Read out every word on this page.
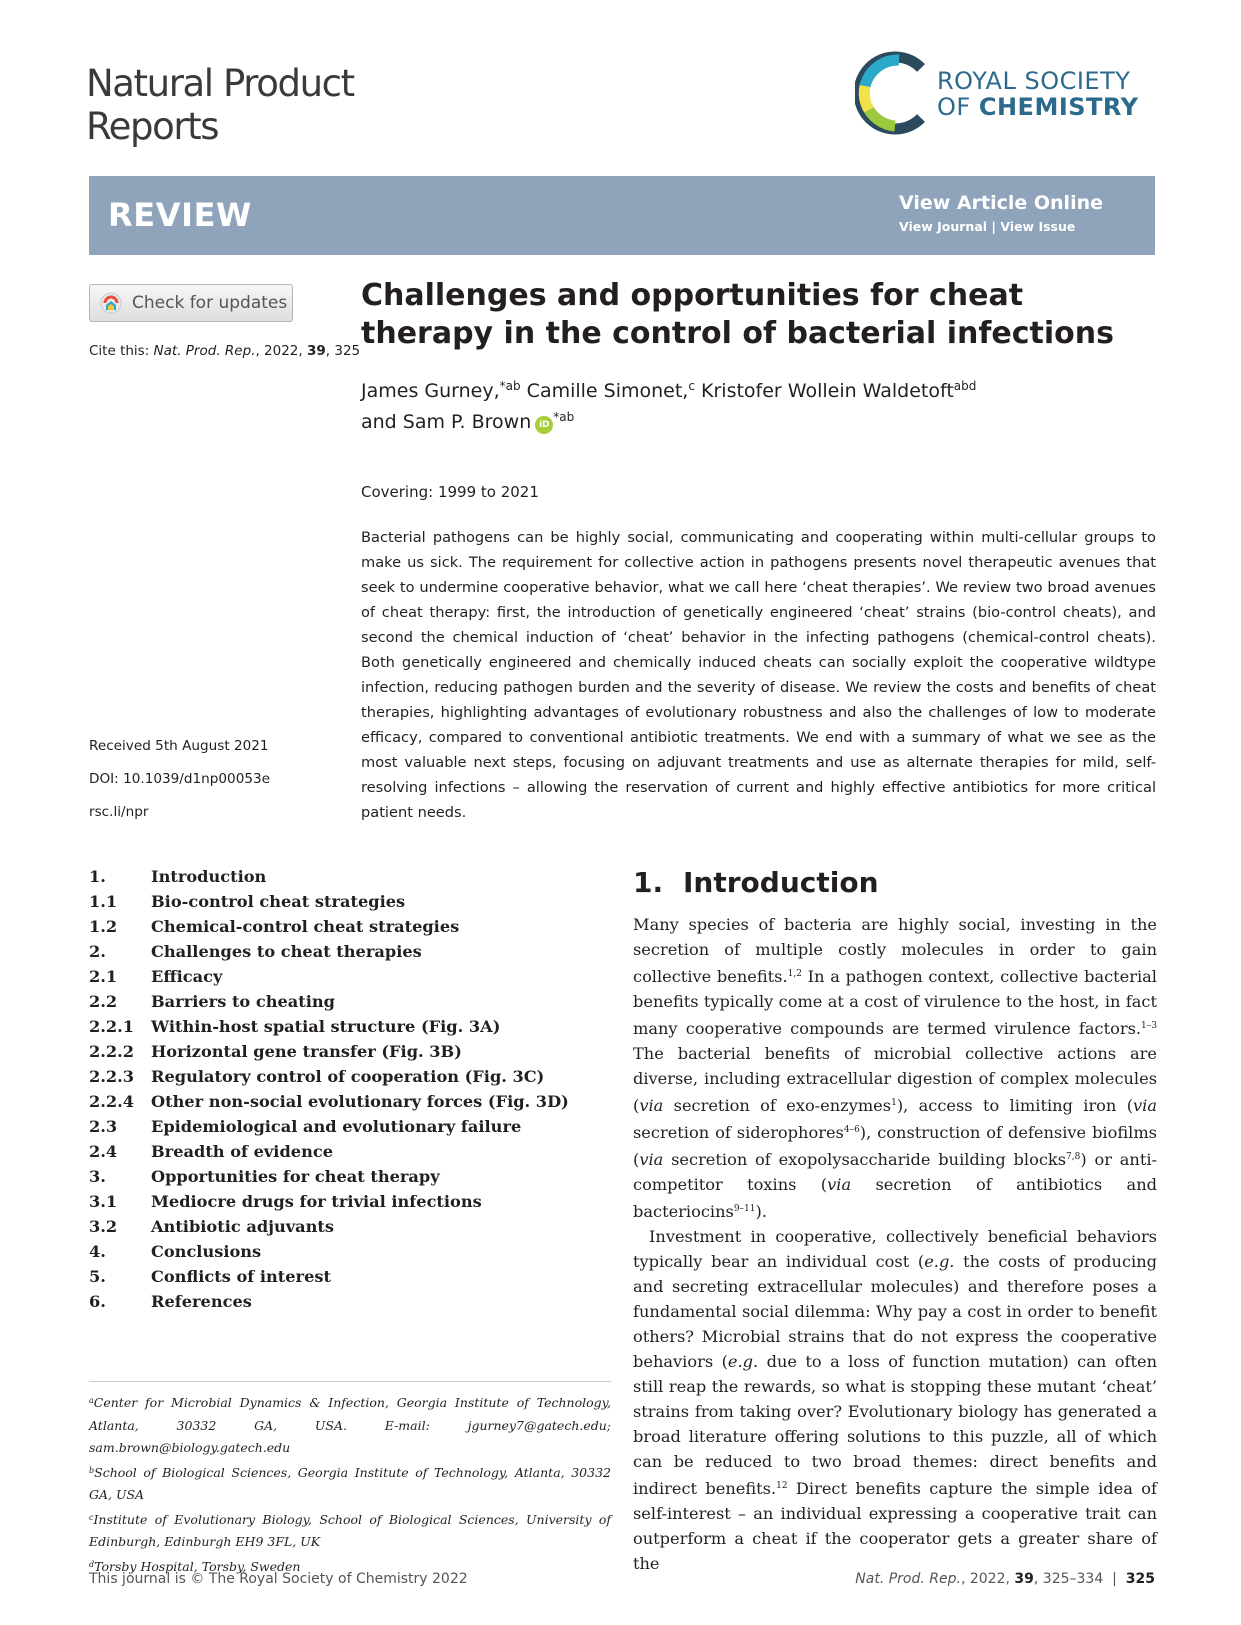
Natural Product
Reports
ROYAL SOCIETY
OF CHEMISTRY
REVIEW	View Article Online
View Journal | View Issue
Check for updates
Cite this: Nat. Prod. Rep., 2022, 39, 325
Challenges and opportunities for cheat therapy in the control of bacterial infections
James Gurney,$^{*ab}$ Camille Simonet,$^c$ Kristofer Wollein Waldetoft$^{abd}$
and Sam P. Brown $iD^{*ab}$
Covering: 1999 to 2021

Bacterial pathogens can be highly social, communicating and cooperating within multi-cellular groups to make us sick. The requirement for collective action in pathogens presents novel therapeutic avenues that seek to undermine cooperative behavior, what we call here ‘cheat therapies’. We review two broad avenues of cheat therapy: first, the introduction of genetically engineered ‘cheat’ strains (bio-control cheats), and second the chemical induction of ‘cheat’ behavior in the infecting pathogens (chemical-control cheats). Both genetically engineered and chemically induced cheats can socially exploit the cooperative wildtype infection, reducing pathogen burden and the severity of disease. We review the costs and benefits of cheat therapies, highlighting advantages of evolutionary robustness and also the challenges of low to moderate efficacy, compared to conventional antibiotic treatments. We end with a summary of what we see as the most valuable next steps, focusing on adjuvant treatments and use as alternate therapies for mild, self-resolving infections – allowing the reservation of current and highly effective antibiotics for more critical patient needs.

Received 5th August 2021
DOI: 10.1039/d1np00053e
rsc.li/npr
1.	Introduction
1.1	Bio-control cheat strategies
1.2	Chemical-control cheat strategies
2.	Challenges to cheat therapies
2.1	Efficacy
2.2	Barriers to cheating
2.2.1	Within-host spatial structure (Fig. 3A)
2.2.2	Horizontal gene transfer (Fig. 3B)
2.2.3	Regulatory control of cooperation (Fig. 3C)
2.2.4	Other non-social evolutionary forces (Fig. 3D)
2.3	Epidemiological and evolutionary failure
2.4	Breadth of evidence
3.	Opportunities for cheat therapy
3.1	Mediocre drugs for trivial infections
3.2	Antibiotic adjuvants
4.	Conclusions
5.	Conflicts of interest
6.	References
$^a$Center for Microbial Dynamics & Infection, Georgia Institute of Technology, Atlanta, 30332 GA, USA. E-mail: jgurney7@gatech.edu; sam.brown@biology.gatech.edu
$^b$School of Biological Sciences, Georgia Institute of Technology, Atlanta, 30332 GA, USA
$^c$Institute of Evolutionary Biology, School of Biological Sciences, University of Edinburgh, Edinburgh EH9 3FL, UK
$^d$Torsby Hospital, Torsby, Sweden
1. Introduction

Many species of bacteria are highly social, investing in the secretion of multiple costly molecules in order to gain collective benefits.$^{1,2}$ In a pathogen context, collective bacterial benefits typically come at a cost of virulence to the host, in fact many cooperative compounds are termed virulence factors.$^{1-3}$ The bacterial benefits of microbial collective actions are diverse, including extracellular digestion of complex molecules (via secretion of exo-enzymes$^1$), access to limiting iron (via secretion of siderophores$^{4-6}$), construction of defensive biofilms (via secretion of exopolysaccharide building blocks$^{7,8}$) or anti-competitor toxins (via secretion of antibiotics and bacteriocins$^{9-11}$).

Investment in cooperative, collectively beneficial behaviors typically bear an individual cost (e.g. the costs of producing and secreting extracellular molecules) and therefore poses a fundamental social dilemma: Why pay a cost in order to benefit others? Microbial strains that do not express the cooperative behaviors (e.g. due to a loss of function mutation) can often still reap the rewards, so what is stopping these mutant ‘cheat’ strains from taking over? Evolutionary biology has generated a broad literature offering solutions to this puzzle, all of which can be reduced to two broad themes: direct benefits and indirect benefits.$^{12}$ Direct benefits capture the simple idea of self-interest – an individual expressing a cooperative trait can outperform a cheat if the cooperator gets a greater share of the

This journal is © The Royal Society of Chemistry 2022	Nat. Prod. Rep., 2022, 39, 325–334 | 325
